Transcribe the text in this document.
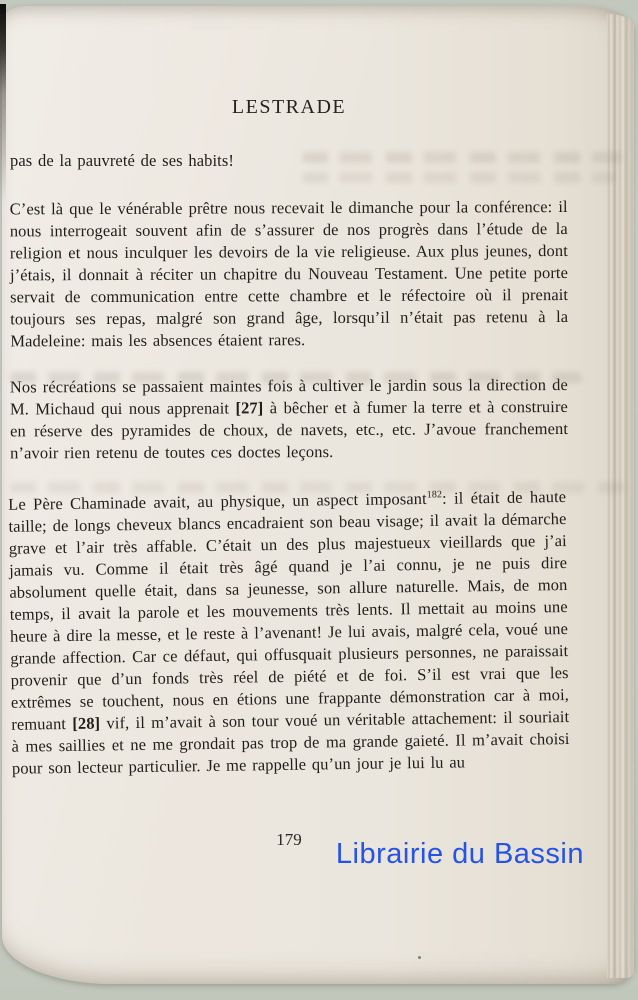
LESTRADE

pas de la pauvreté de ses habits!

C’est là que le vénérable prêtre nous recevait le dimanche pour la conférence: il nous interrogeait souvent afin de s’assurer de nos progrès dans l’étude de la religion et nous inculquer les devoirs de la vie religieuse. Aux plus jeunes, dont j’étais, il donnait à réciter un chapitre du Nouveau Testament. Une petite porte servait de communication entre cette chambre et le réfectoire où il prenait toujours ses repas, malgré son grand âge, lorsqu’il n’était pas retenu à la Madeleine: mais les absences étaient rares.

Nos récréations se passaient maintes fois à cultiver le jardin sous la direction de M. Michaud qui nous apprenait [27] à bêcher et à fumer la terre et à construire en réserve des pyramides de choux, de navets, etc., etc. J’avoue franchement n’avoir rien retenu de toutes ces doctes leçons.

Le Père Chaminade avait, au physique, un aspect imposant$^{182}$: il était de haute taille; de longs cheveux blancs encadraient son beau visage; il avait la démarche grave et l’air très affable. C’était un des plus majestueux vieillards que j’ai jamais vu. Comme il était très âgé quand je l’ai connu, je ne puis dire absolument quelle était, dans sa jeunesse, son allure naturelle. Mais, de mon temps, il avait la parole et les mouvements très lents. Il mettait au moins une heure à dire la messe, et le reste à l’avenant! Je lui avais, malgré cela, voué une grande affection. Car ce défaut, qui offusquait plusieurs personnes, ne paraissait provenir que d’un fonds très réel de piété et de foi. S’il est vrai que les extrêmes se touchent, nous en étions une frappante démonstration car à moi, remuant [28] vif, il m’avait à son tour voué un véritable attachement: il souriait à mes saillies et ne me grondait pas trop de ma grande gaieté. Il m’avait choisi pour son lecteur particulier. Je me rappelle qu’un jour je lui lu au

179	Librairie du Bassin
